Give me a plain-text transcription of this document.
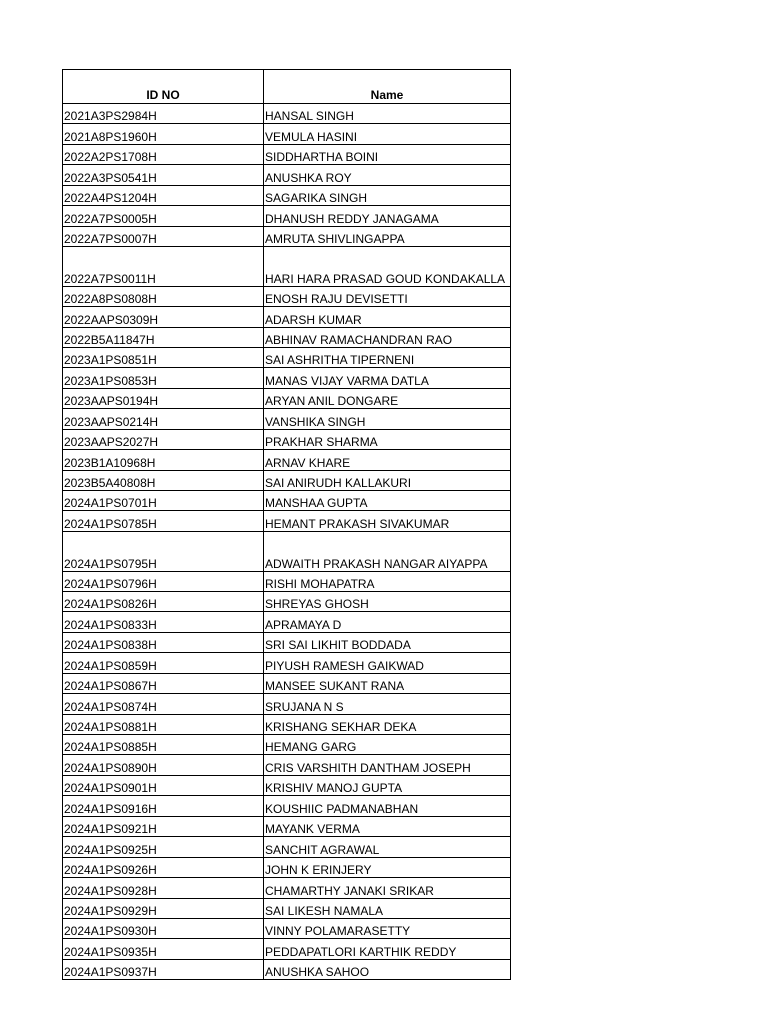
ID NO	Name
2021A3PS2984H	HANSAL SINGH
2021A8PS1960H	VEMULA HASINI
2022A2PS1708H	SIDDHARTHA BOINI
2022A3PS0541H	ANUSHKA ROY
2022A4PS1204H	SAGARIKA SINGH
2022A7PS0005H	DHANUSH REDDY JANAGAMA
2022A7PS0007H	AMRUTA SHIVLINGAPPA
2022A7PS0011H	HARI HARA PRASAD GOUD KONDAKALLA
2022A8PS0808H	ENOSH RAJU DEVISETTI
2022AAPS0309H	ADARSH KUMAR
2022B5A11847H	ABHINAV RAMACHANDRAN RAO
2023A1PS0851H	SAI ASHRITHA TIPERNENI
2023A1PS0853H	MANAS VIJAY VARMA DATLA
2023AAPS0194H	ARYAN ANIL DONGARE
2023AAPS0214H	VANSHIKA SINGH
2023AAPS2027H	PRAKHAR SHARMA
2023B1A10968H	ARNAV KHARE
2023B5A40808H	SAI ANIRUDH KALLAKURI
2024A1PS0701H	MANSHAA GUPTA
2024A1PS0785H	HEMANT PRAKASH SIVAKUMAR
2024A1PS0795H	ADWAITH PRAKASH NANGAR AIYAPPA
2024A1PS0796H	RISHI MOHAPATRA
2024A1PS0826H	SHREYAS GHOSH
2024A1PS0833H	APRAMAYA D
2024A1PS0838H	SRI SAI LIKHIT BODDADA
2024A1PS0859H	PIYUSH RAMESH GAIKWAD
2024A1PS0867H	MANSEE SUKANT RANA
2024A1PS0874H	SRUJANA N S
2024A1PS0881H	KRISHANG SEKHAR DEKA
2024A1PS0885H	HEMANG GARG
2024A1PS0890H	CRIS VARSHITH DANTHAM JOSEPH
2024A1PS0901H	KRISHIV MANOJ GUPTA
2024A1PS0916H	KOUSHIIC PADMANABHAN
2024A1PS0921H	MAYANK VERMA
2024A1PS0925H	SANCHIT AGRAWAL
2024A1PS0926H	JOHN K ERINJERY
2024A1PS0928H	CHAMARTHY JANAKI SRIKAR
2024A1PS0929H	SAI LIKESH NAMALA
2024A1PS0930H	VINNY POLAMARASETTY
2024A1PS0935H	PEDDAPATLORI KARTHIK REDDY
2024A1PS0937H	ANUSHKA SAHOO
